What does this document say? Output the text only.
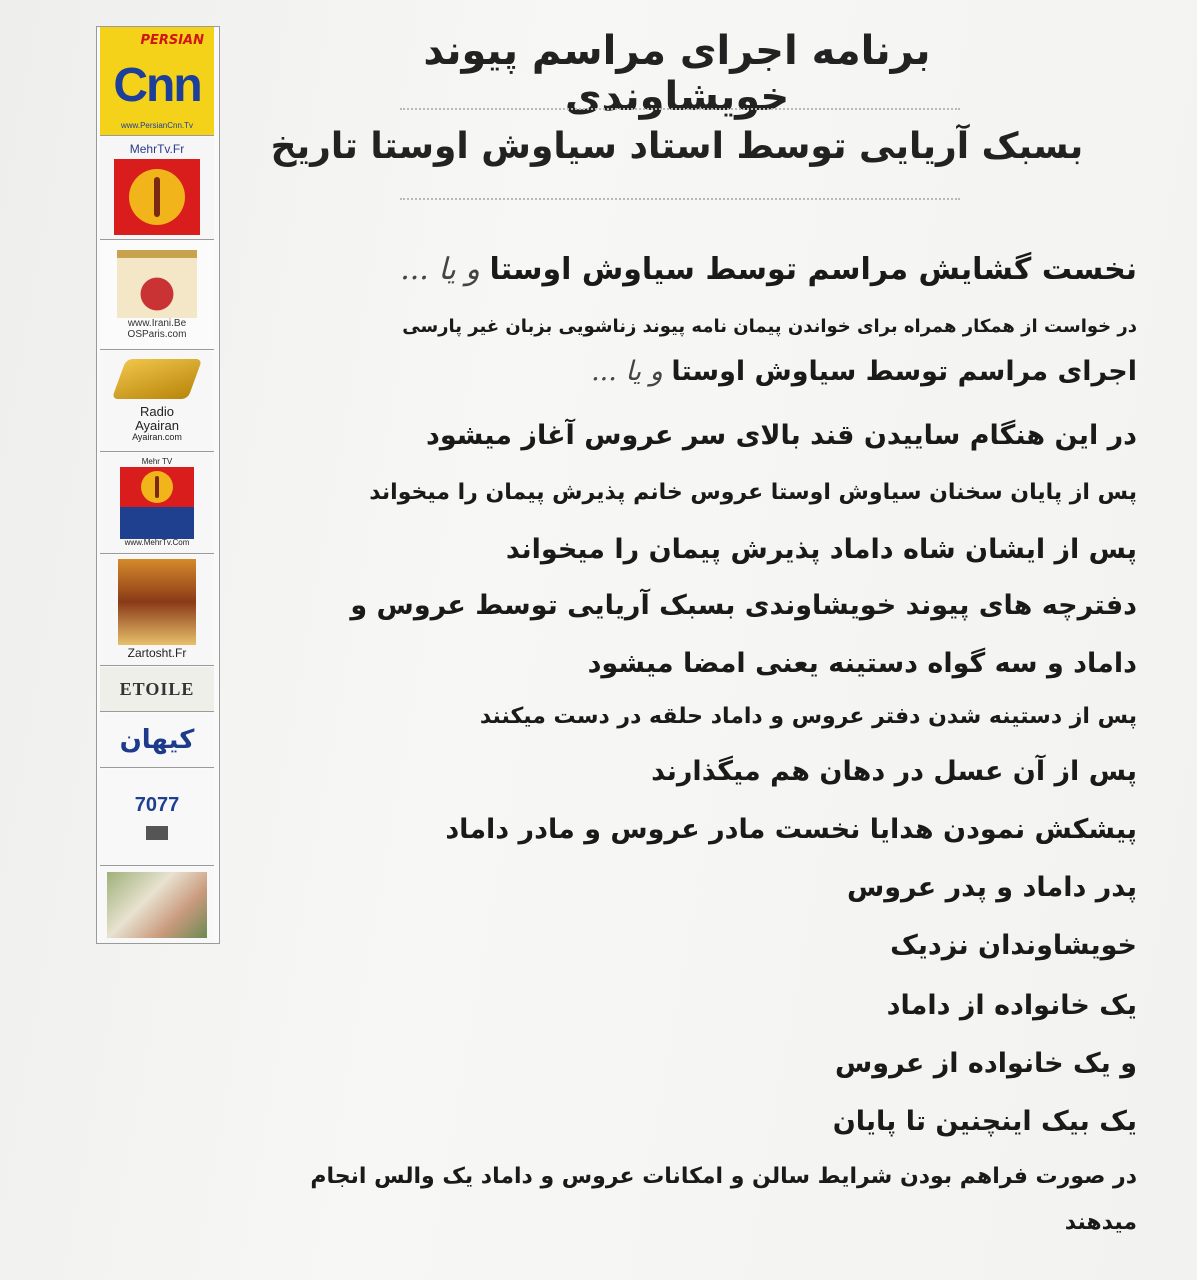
PERSIAN
Cnn
www.PersianCnn.Tv
MehrTv.Fr
www.Irani.Be
OSParis.com
Radio
Ayairan
Ayairan.com
Mehr TV
www.MehrTv.Com
Zartosht.Fr
ETOILE
کیهان
7077
برنامه اجرای مراسم پیوند خویشاوندی
بسبک آریایی توسط استاد سیاوش اوستا تاریخ
نخست گشایش مراسم توسط سیاوش اوستا و یا ...
در خواست از همکار همراه برای خواندن پیمان نامه پیوند زناشویی بزبان غیر پارسی
اجرای مراسم توسط سیاوش اوستا و یا ...
در این هنگام ساییدن قند بالای سر عروس آغاز میشود
پس از پایان سخنان سیاوش اوستا عروس خانم پذیرش پیمان را میخواند
پس از ایشان شاه داماد پذیرش پیمان را میخواند
دفترچه های پیوند خویشاوندی بسبک آریایی توسط عروس و
داماد و سه گواه دستینه یعنی امضا میشود
پس از دستینه شدن دفتر عروس و داماد حلقه در دست میکنند
پس از آن عسل در دهان هم میگذارند
پیشکش نمودن هدایا نخست مادر عروس و مادر داماد
پدر داماد و پدر عروس
خویشاوندان نزدیک
یک خانواده از داماد
و یک خانواده از عروس
یک بیک اینچنین تا پایان
در صورت فراهم بودن شرایط سالن و امکانات عروس و داماد یک والس انجام
میدهند
